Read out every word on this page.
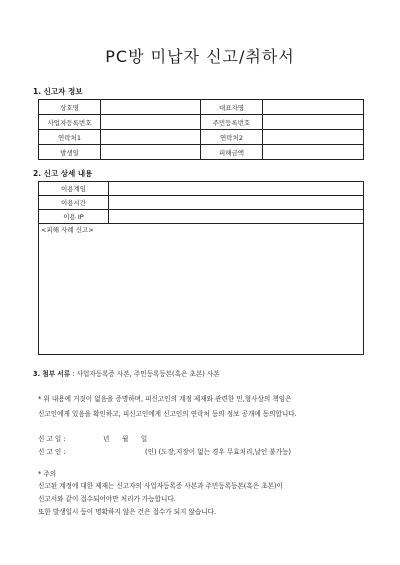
PC방 미납자 신고/취하서
1. 신고자 정보
상호명		대표자명	
사업자등록번호		주민등록번호	
연락처1		연락처2	
발생일		피해금액	
2. 신고 상세 내용
이용계임	
이용시간	
이용 IP	
<피해 사례 신고>	
3. 첨부 서류 : 사업자등록증 사본, 주민등록등본(혹은 초본) 사본
* 위 내용에 거짓이 없음을 증명하며, 피신고인의 계정 제재와 관련한 민,형사상의 책임은
신고인에게 있음을 확인하고, 피신고인에게 신고인의 연락처 등의 정보 공개에 동의합니다.
신 고 일 :	년      월      일
신 고 인 :	(인) (도장,지장이 없는 경우 무효처리,날인 불가능)
* 주의
신고된 계정에 대한 제재는 신고자의 사업자등록증 사본과 주민등록등본(혹은 초본)이
신고서와 같이 접수되어야만 처리가 가능합니다.
또한 발생일시 등이 명확하지 않은 건은 접수가 되지 않습니다.
